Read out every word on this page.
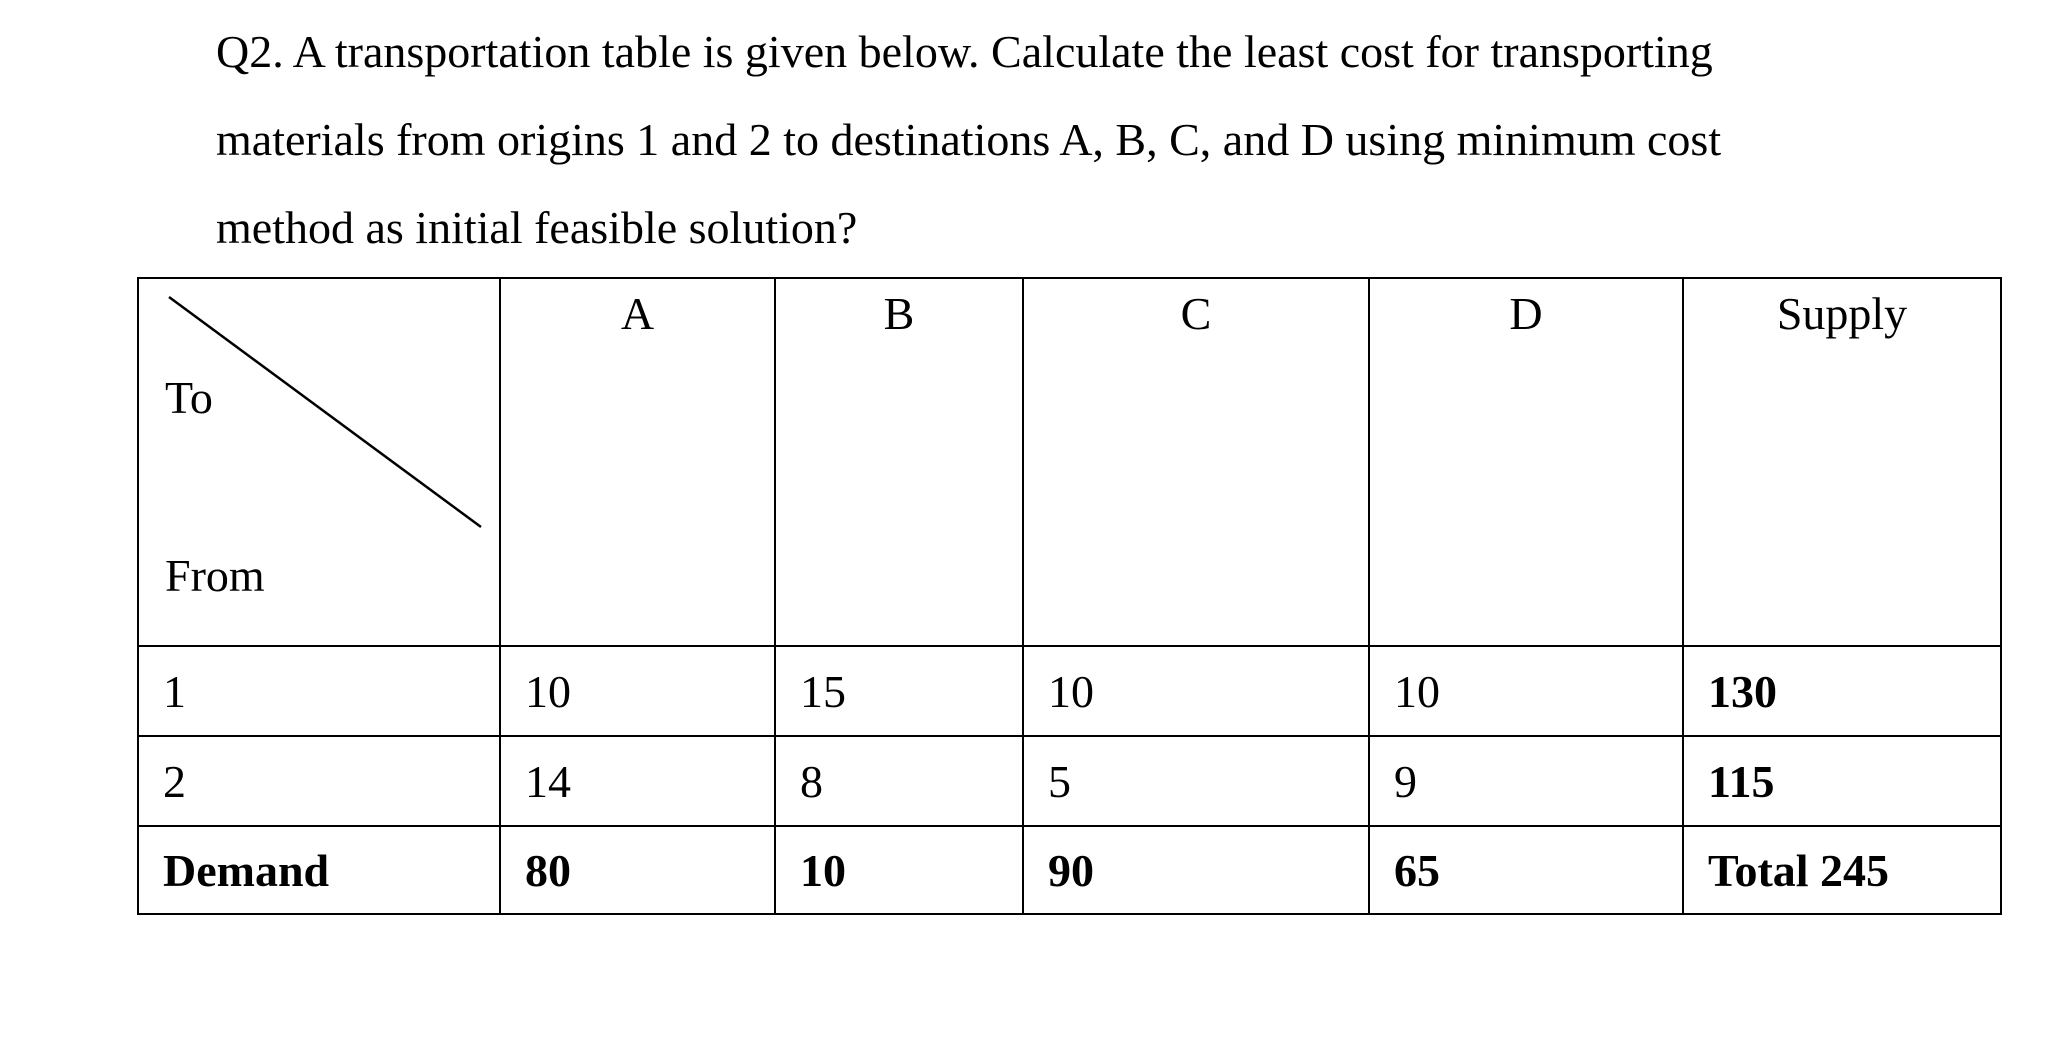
Q2. A transportation table is given below. Calculate the least cost for transporting
materials from origins 1 and 2 to destinations A, B, C, and D using minimum cost
method as initial feasible solution?

To
From	A	B	C	D	Supply
1	10	15	10	10	130
2	14	8	5	9	115
Demand	80	10	90	65	Total 245
